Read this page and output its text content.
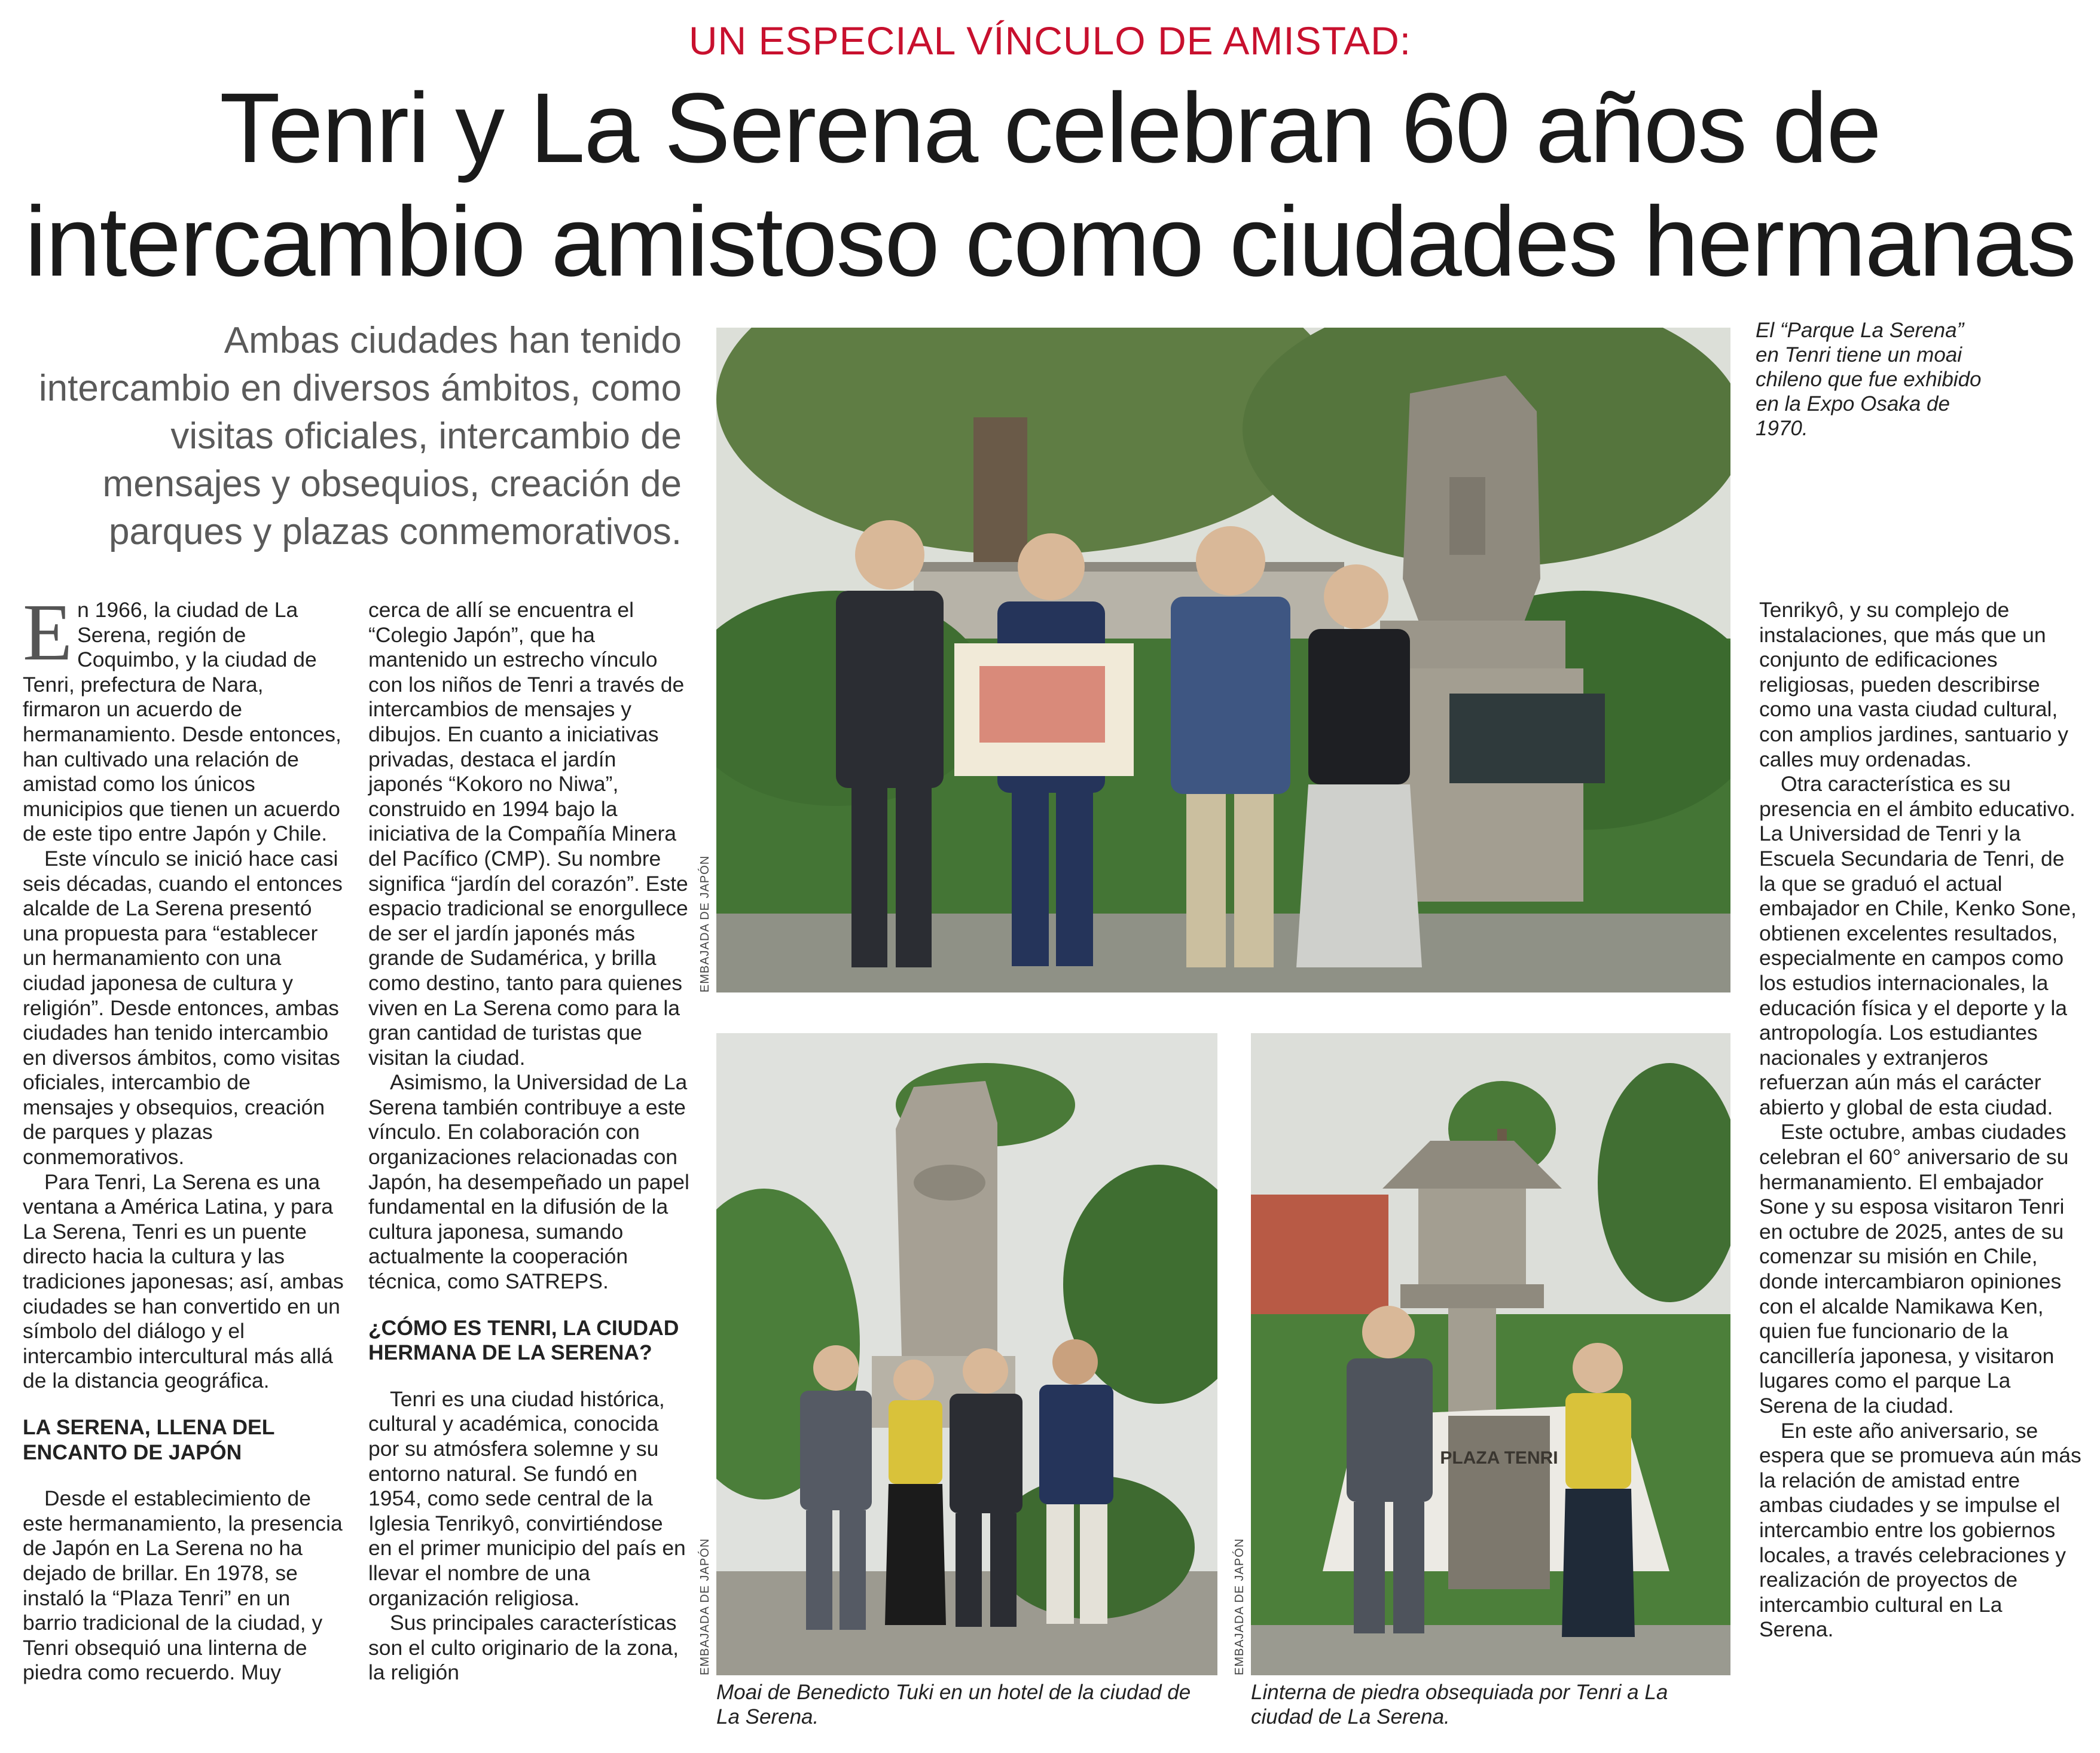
UN ESPECIAL VÍNCULO DE AMISTAD:
Tenri y La Serena celebran 60 años de
intercambio amistoso como ciudades hermanas
Ambas ciudades han tenido intercambio en diversos ámbitos, como visitas oficiales, intercambio de mensajes y obsequios, creación de parques y plazas conmemorativos.

En 1966, la ciudad de La Serena, región de Coquimbo, y la ciudad de Tenri, prefectura de Nara, firmaron un acuerdo de hermanamiento. Desde entonces, han cultivado una relación de amistad como los únicos municipios que tienen un acuerdo de este tipo entre Japón y Chile.

Este vínculo se inició hace casi seis décadas, cuando el entonces alcalde de La Serena presentó una propuesta para “establecer un hermanamiento con una ciudad japonesa de cultura y religión”. Desde entonces, ambas ciudades han tenido intercambio en diversos ámbitos, como visitas oficiales, intercambio de mensajes y obsequios, creación de parques y plazas conmemorativos.

Para Tenri, La Serena es una ventana a América Latina, y para La Serena, Tenri es un puente directo hacia la cultura y las tradiciones japonesas; así, ambas ciudades se han convertido en un símbolo del diálogo y el intercambio intercultural más allá de la distancia geográfica.

LA SERENA, LLENA DEL ENCANTO DE JAPÓN

Desde el establecimiento de este hermanamiento, la presencia de Japón en La Serena no ha dejado de brillar. En 1978, se instaló la “Plaza Tenri” en un barrio tradicional de la ciudad, y Tenri obsequió una linterna de piedra como recuerdo. Muy

cerca de allí se encuentra el “Colegio Japón”, que ha mantenido un estrecho vínculo con los niños de Tenri a través de intercambios de mensajes y dibujos. En cuanto a iniciativas privadas, destaca el jardín japonés “Kokoro no Niwa”, construido en 1994 bajo la iniciativa de la Compañía Minera del Pacífico (CMP). Su nombre significa “jardín del corazón”. Este espacio tradicional se enorgullece de ser el jardín japonés más grande de Sudamérica, y brilla como destino, tanto para quienes viven en La Serena como para la gran cantidad de turistas que visitan la ciudad.

Asimismo, la Universidad de La Serena también contribuye a este vínculo. En colaboración con organizaciones relacionadas con Japón, ha desempeñado un papel fundamental en la difusión de la cultura japonesa, sumando actualmente la cooperación técnica, como SATREPS.

¿CÓMO ES TENRI, LA CIUDAD HERMANA DE LA SERENA?

Tenri es una ciudad histórica, cultural y académica, conocida por su atmósfera solemne y su entorno natural. Se fundó en 1954, como sede central de la Iglesia Tenrikyô, convirtiéndose en el primer municipio del país en llevar el nombre de una organización religiosa.

Sus principales características son el culto originario de la zona, la religión

Tenrikyô, y su complejo de instalaciones, que más que un conjunto de edificaciones religiosas, pueden describirse como una vasta ciudad cultural, con amplios jardines, santuario y calles muy ordenadas.

Otra característica es su presencia en el ámbito educativo. La Universidad de Tenri y la Escuela Secundaria de Tenri, de la que se graduó el actual embajador en Chile, Kenko Sone, obtienen excelentes resultados, especialmente en campos como los estudios internacionales, la educación física y el deporte y la antropología. Los estudiantes nacionales y extranjeros refuerzan aún más el carácter abierto y global de esta ciudad.

Este octubre, ambas ciudades celebran el 60° aniversario de su hermanamiento. El embajador Sone y su esposa visitaron Tenri en octubre de 2025, antes de su comenzar su misión en Chile, donde intercambiaron opiniones con el alcalde Namikawa Ken, quien fue funcionario de la cancillería japonesa, y visitaron lugares como el parque La Serena de la ciudad.

En este año aniversario, se espera que se promueva aún más la relación de amistad entre ambas ciudades y se impulse el intercambio entre los gobiernos locales, a través celebraciones y realización de proyectos de intercambio cultural en La Serena.

El “Parque La Serena” en Tenri tiene un moai chileno que fue exhibido en la Expo Osaka de 1970.
EMBAJADA DE JAPÓN
EMBAJADA DE JAPÓN
PLAZA TENRI
EMBAJADA DE JAPÓN
Moai de Benedicto Tuki en un hotel de la ciudad de La Serena.
Linterna de piedra obsequiada por Tenri a La ciudad de La Serena.
